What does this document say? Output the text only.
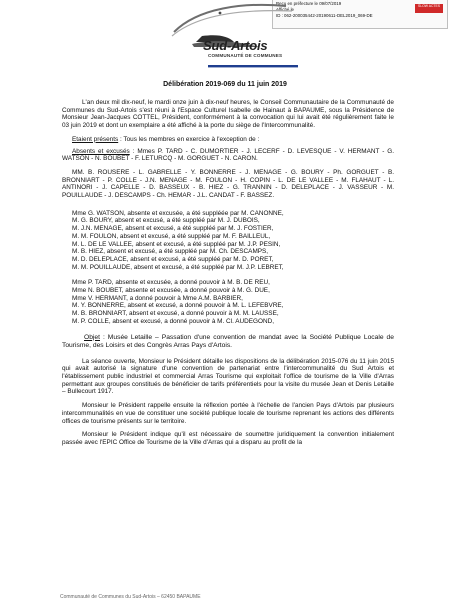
Reçu en préfecture le 09/07/2019
Affiché le
ID : 062-200035442-20190611-DEL2019_069-DE
SLOW ACTES
Sud-Artois
COMMUNAUTÉ DE COMMUNES
Délibération 2019-069 du 11 juin 2019

L'an deux mil dix-neuf, le mardi onze juin à dix-neuf heures, le Conseil Communautaire de la Communauté de Communes du Sud-Artois s'est réuni à l'Espace Culturel Isabelle de Hainaut à BAPAUME, sous la Présidence de Monsieur Jean-Jacques COTTEL, Président, conformément à la convocation qui lui avait été régulièrement faite le 03 juin 2019 et dont un exemplaire a été affiché à la porte du siège de l'Intercommunalité.

Etaient présents : Tous les membres en exercice à l'exception de :

Absents et excusés : Mmes P. TARD - C. DUMORTIER - J. LECERF - D. LEVESQUE - V. HERMANT - G. WATSON - N. BOUBET - F. LETURCQ - M. GORGUET - N. CARON.

MM. B. ROUSERE - L. GABRELLE - Y. BONNERRE - J. MENAGE - G. BOURY - Ph. GORGUET - B. BRONNIART - P. COLLE - J.N. MENAGE - M. FOULON - H. COPIN - L. DE LE VALLEE - M. FLAHAUT - L. ANTINORI - J. CAPELLE - D. BASSEUX - B. HIEZ - G. TRANNIN - D. DELEPLACE - J. VASSEUR - M. POUILLAUDE - J. DESCAMPS - Ch. HEMAR - J.L. CANDAT - F. BASSEZ.

Mme G. WATSON, absente et excusée, a été suppléée par M. CANONNE,
M. G. BOURY, absent et excusé, a été suppléé par M. J. DUBOIS,
M. J.N. MENAGE, absent et excusé, a été suppléé par M. J. FOSTIER,
M. M. FOULON, absent et excusé, a été suppléé par M. F. BAILLEUL,
M. L. DE LE VALLEE, absent et excusé, a été suppléé par M. J.P. PESIN,
M. B. HIEZ, absent et excusé, a été suppléé par M. Ch. DESCAMPS,
M. D. DELEPLACE, absent et excusé, a été suppléé par M. D. PORET,
M. M. POUILLAUDE, absent et excusé, a été suppléé par M. J.P. LEBRET,
Mme P. TARD, absente et excusée, a donné pouvoir à M. B. DE REU,
Mme N. BOUBET, absente et excusée, a donné pouvoir à M. G. DUE,
Mme V. HERMANT, a donné pouvoir à Mme A.M. BARBIER,
M. Y. BONNERRE, absent et excusé, a donné pouvoir à M. L. LEFEBVRE,
M. B. BRONNIART, absent et excusé, a donné pouvoir à M. M. LAUSSE,
M. P. COLLE, absent et excusé, a donné pouvoir à M. Cl. AUDEGOND,

Objet : Musée Letaille – Passation d'une convention de mandat avec la Société Publique Locale de Tourisme, des Loisirs et des Congrès Arras Pays d'Artois.

La séance ouverte, Monsieur le Président détaille les dispositions de la délibération 2015-076 du 11 juin 2015 qui avait autorisé la signature d'une convention de partenariat entre l'intercommunalité du Sud Artois et l'établissement public industriel et commercial Arras Tourisme qui exploitait l'office de tourisme de la Ville d'Arras permettant aux groupes constitués de bénéficier de tarifs préférentiels pour la visite du musée Jean et Denis Letaille – Bullecourt 1917.

Monsieur le Président rappelle ensuite la réflexion portée à l'échelle de l'ancien Pays d'Artois par plusieurs intercommunalités en vue de constituer une société publique locale de tourisme reprenant les actions des différents offices de tourisme présents sur le territoire.

Monsieur le Président indique qu'il est nécessaire de soumettre juridiquement la convention initialement passée avec l'EPIC Office de Tourisme de la Ville d'Arras qui a disparu au profit de la

Communauté de Communes du Sud-Artois – 62450 BAPAUME
